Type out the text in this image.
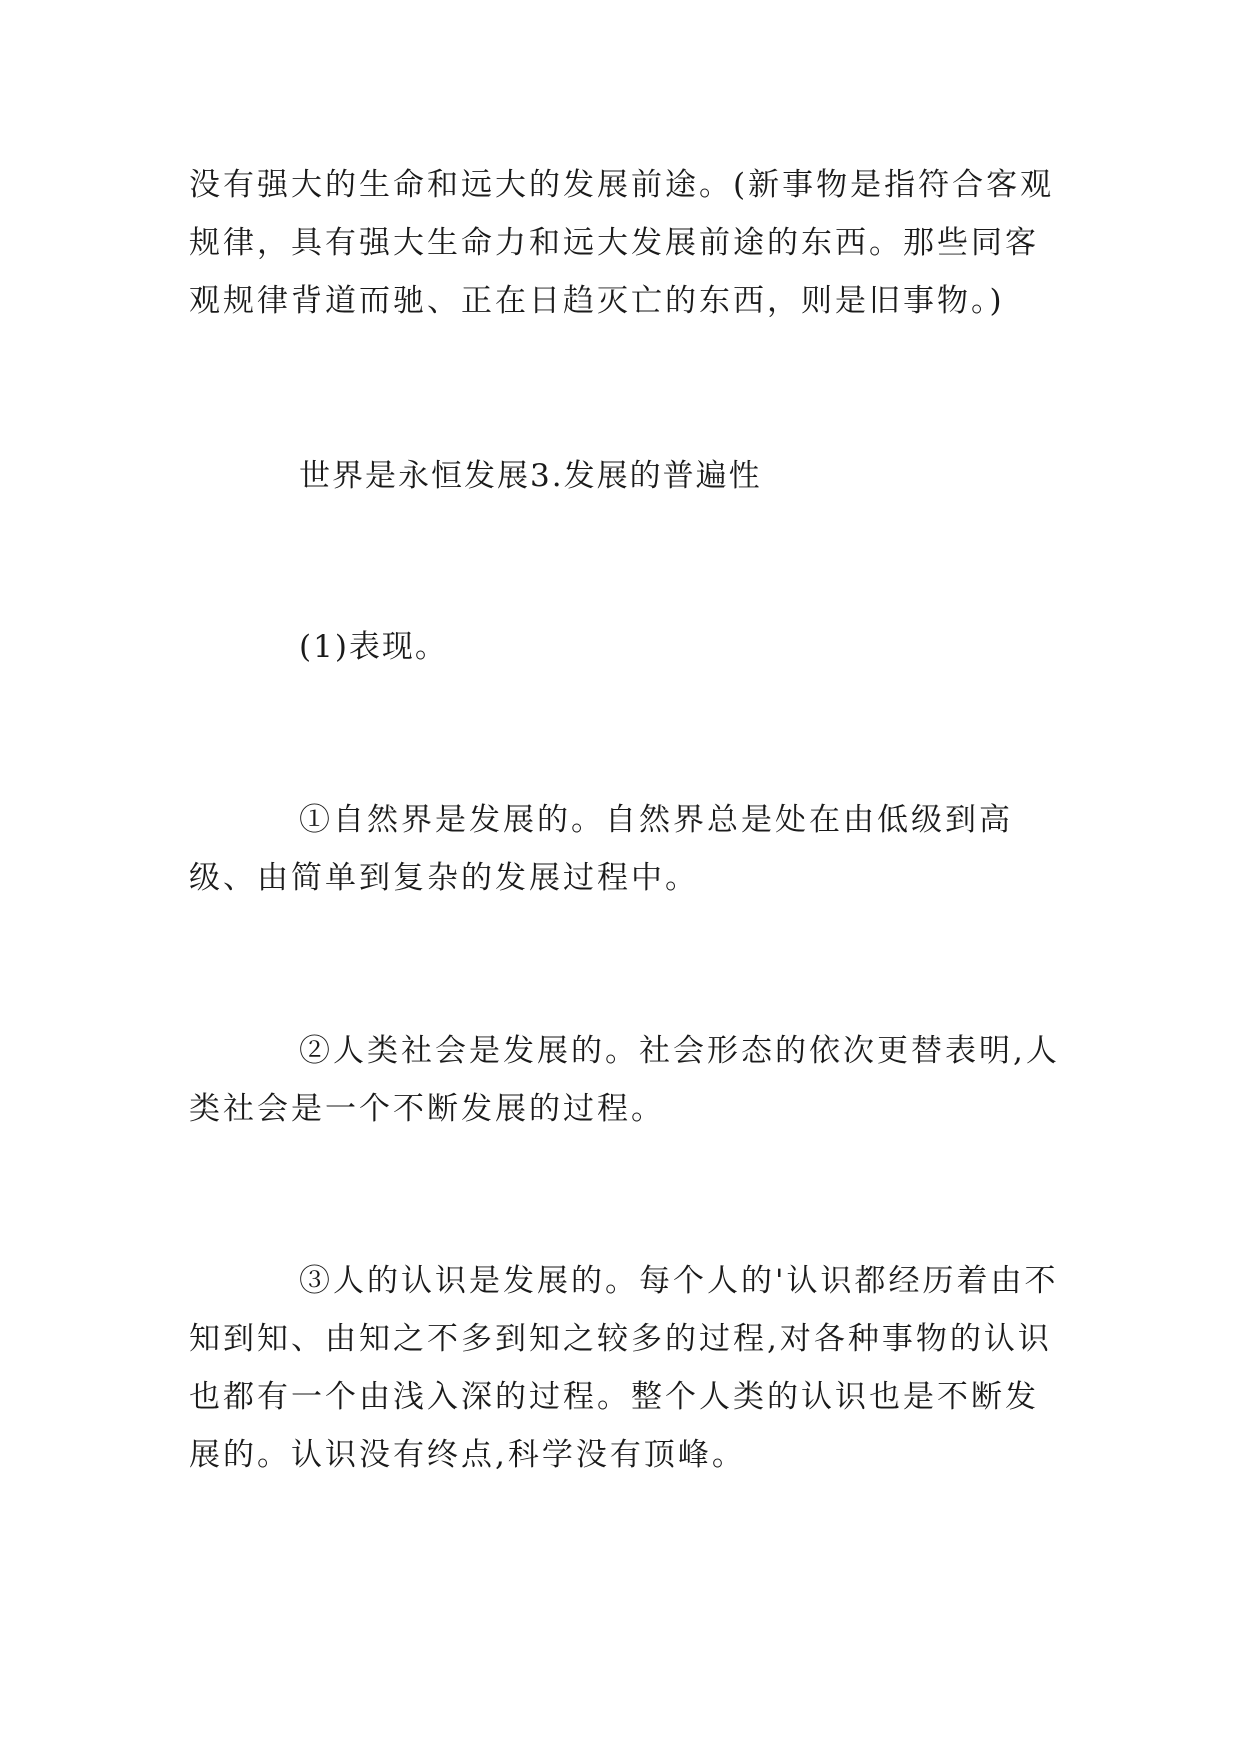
没有强大的生命和远大的发展前途。(新事物是指符合客观规律，具有强大生命力和远大发展前途的东西。那些同客观规律背道而驰、正在日趋灭亡的东西，则是旧事物。)

世界是永恒发展3.发展的普遍性

(1)表现。

①自然界是发展的。自然界总是处在由低级到高级、由简单到复杂的发展过程中。

②人类社会是发展的。社会形态的依次更替表明,人类社会是一个不断发展的过程。

③人的认识是发展的。每个人的'认识都经历着由不知到知、由知之不多到知之较多的过程,对各种事物的认识也都有一个由浅入深的过程。整个人类的认识也是不断发展的。认识没有终点,科学没有顶峰。
